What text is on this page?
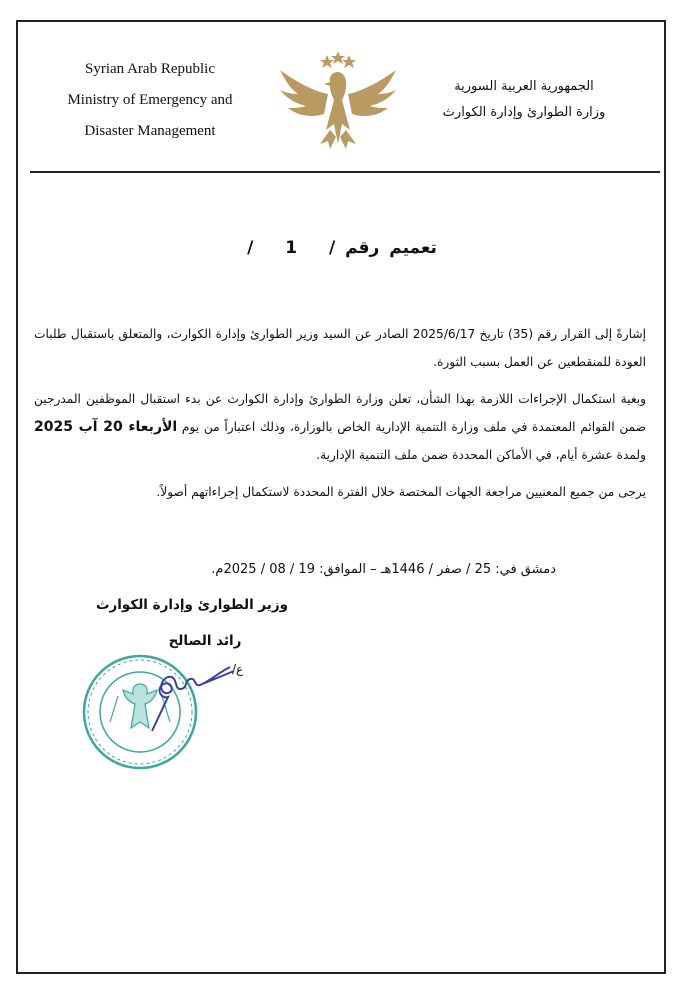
Syrian Arab Republic
Ministry of Emergency and
Disaster Management
الجمهورية العربية السورية
وزارة الطوارئ وإدارة الكوارث
تعميم رقم / 1 /

إشارةً إلى القرار رقم (35) تاريخ 2025/6/17 الصادر عن السيد وزير الطوارئ وإدارة الكوارث، والمتعلق باستقبال طلبات العودة للمنقطعين عن العمل بسبب الثورة.

وبغية استكمال الإجراءات اللازمة بهذا الشأن، تعلن وزارة الطوارئ وإدارة الكوارث عن بدء استقبال الموظفين المدرجين ضمن القوائم المعتمدة في ملف وزارة التنمية الإدارية الخاص بالوزارة، وذلك اعتباراً من يوم الأربعاء 20 آب 2025 ولمدة عشرة أيام، في الأماكن المحددة ضمن ملف التنمية الإدارية.

يرجى من جميع المعنيين مراجعة الجهات المختصة خلال الفترة المحددة لاستكمال إجراءاتهم أصولاً.

دمشق في: 25 / صفر / 1446هـ – الموافق: 19 / 08 / 2025م.
وزير الطوارئ وإدارة الكوارث
رائد الصالح
ع/
